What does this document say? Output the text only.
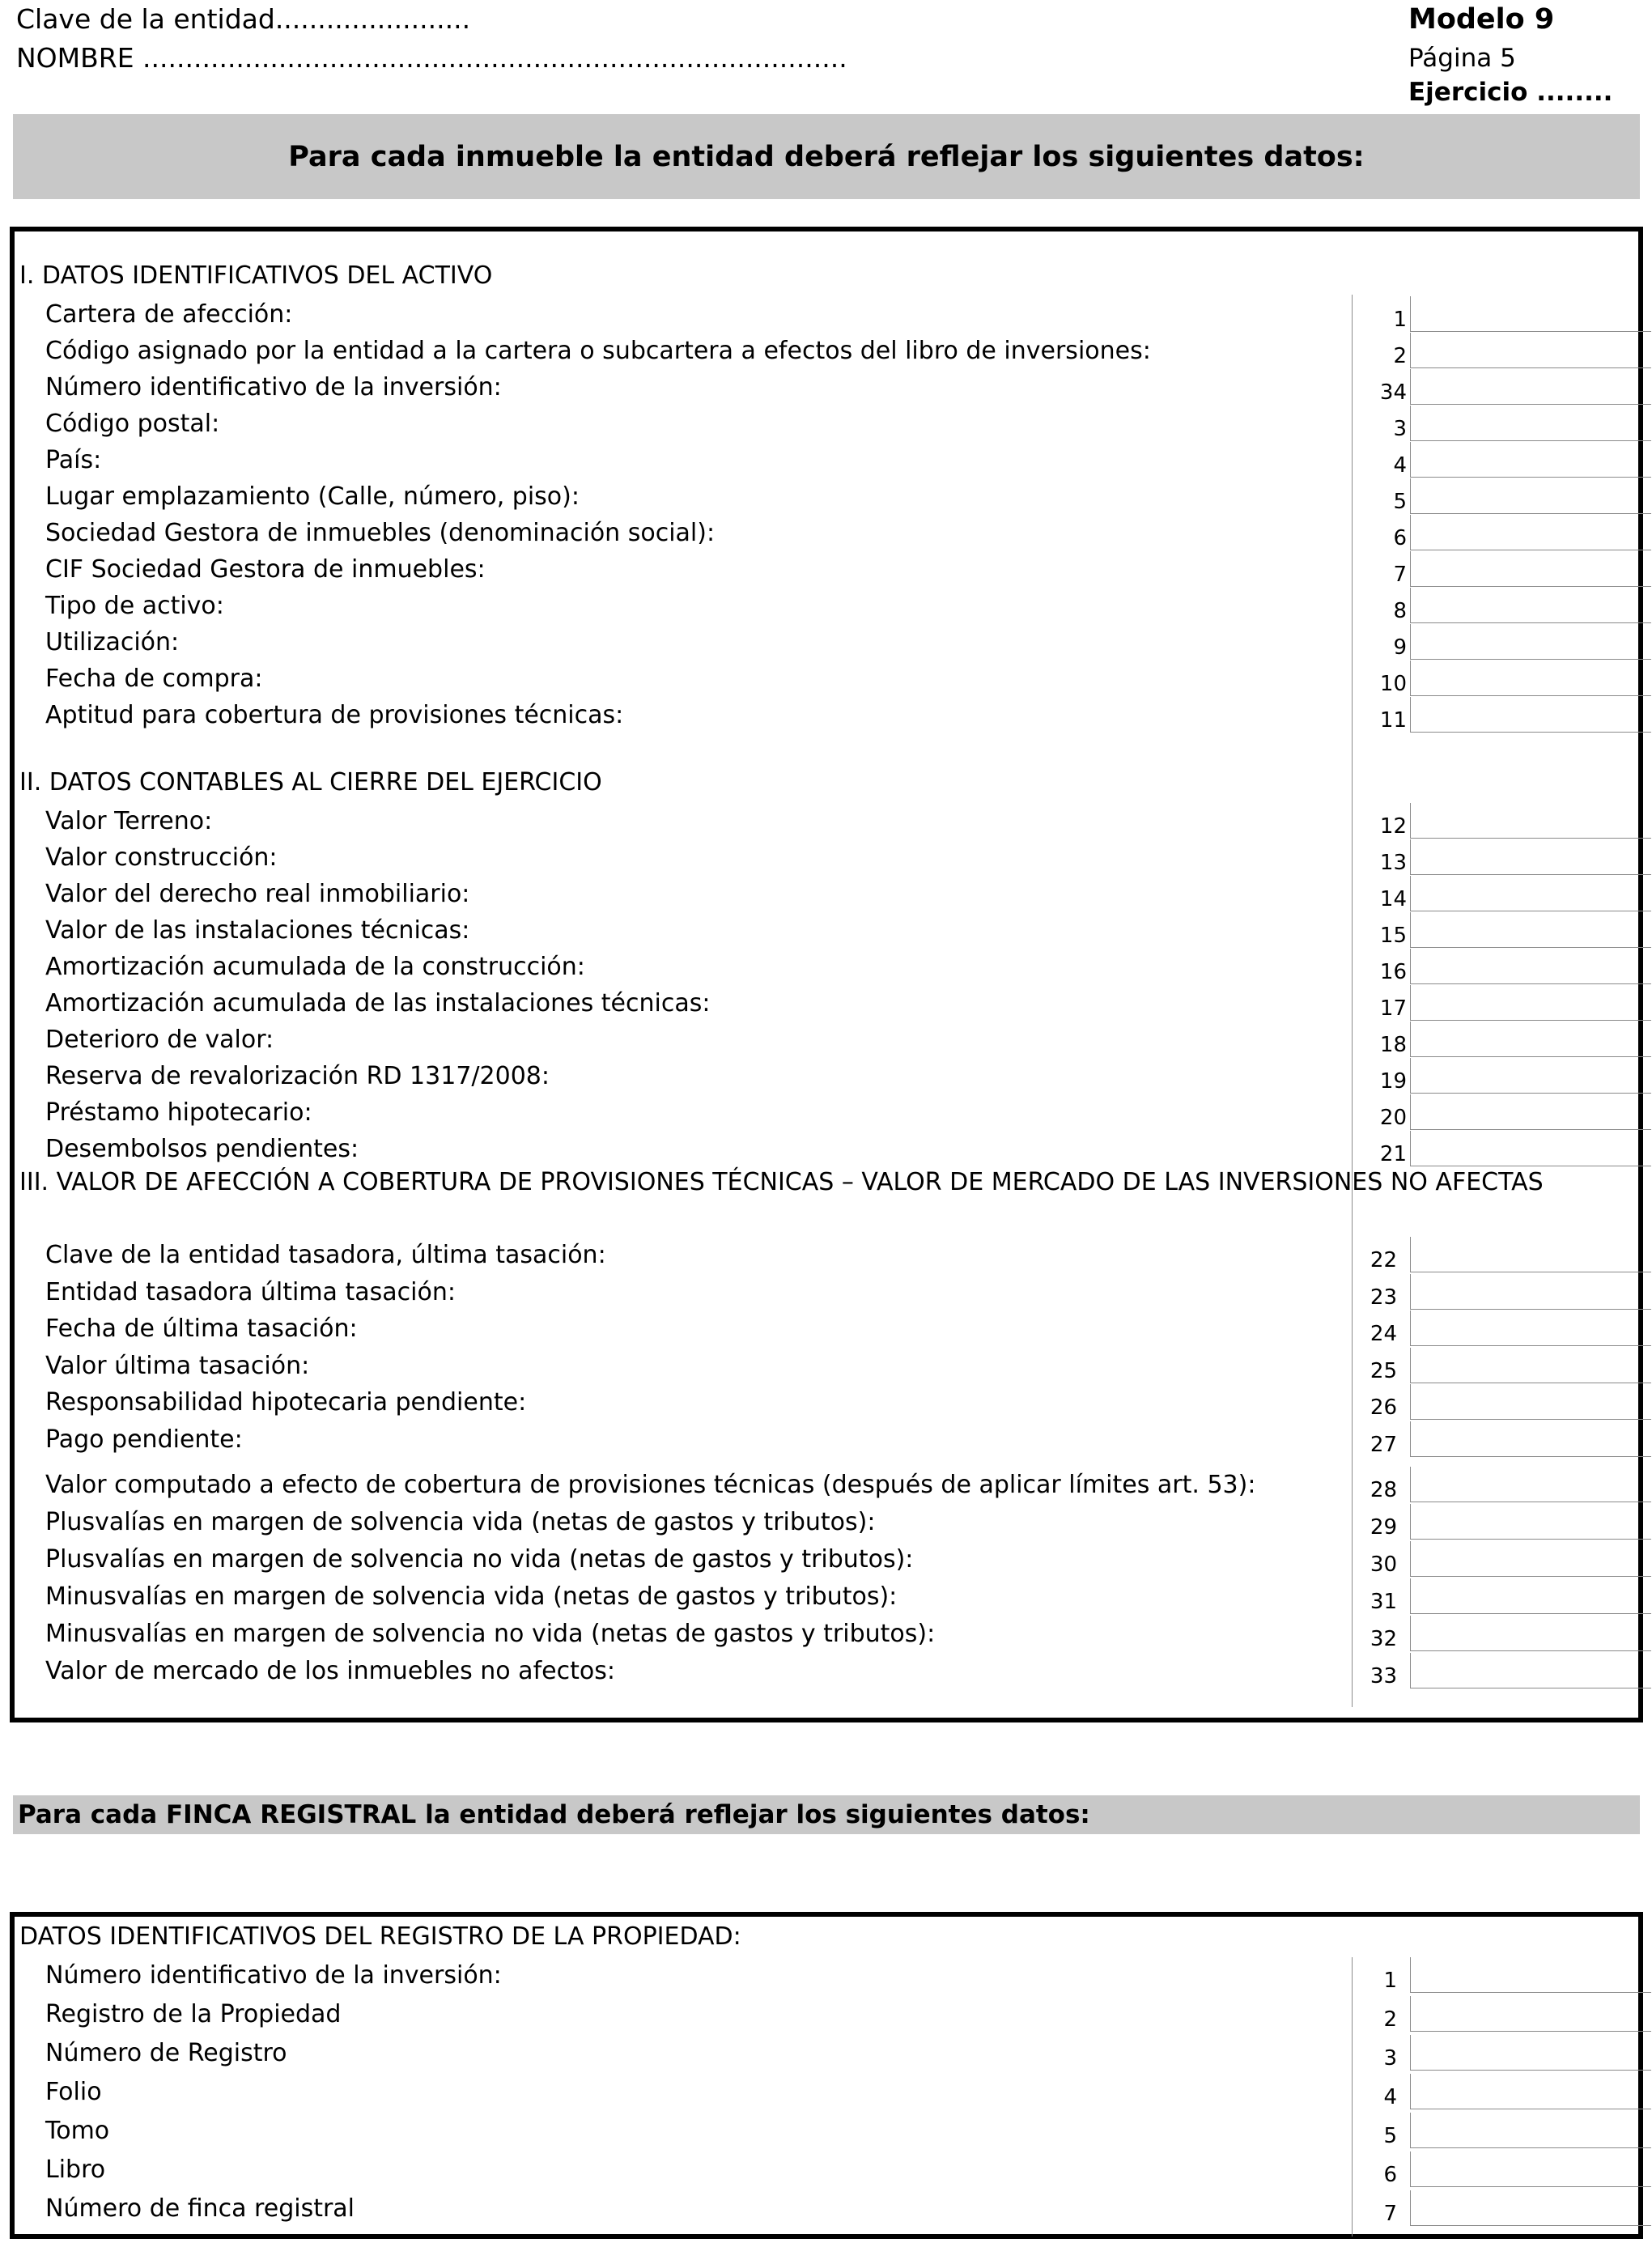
Clave de la entidad.......................
NOMBRE ...................................................................................
Modelo 9
Página 5
Ejercicio ........
Para cada inmueble la entidad deberá reflejar los siguientes datos:
I. DATOS IDENTIFICATIVOS DEL ACTIVO
Cartera de afección:	1
Código asignado por la entidad a la cartera o subcartera a efectos del libro de inversiones:	2
Número identificativo de la inversión:	34
Código postal:	3
País:	4
Lugar emplazamiento (Calle, número, piso):	5
Sociedad Gestora de inmuebles (denominación social):	6
CIF Sociedad Gestora de inmuebles:	7
Tipo de activo:	8
Utilización:	9
Fecha de compra:	10
Aptitud para cobertura de provisiones técnicas:	11
II. DATOS CONTABLES AL CIERRE DEL EJERCICIO
Valor Terreno:	12
Valor construcción:	13
Valor del derecho real inmobiliario:	14
Valor de las instalaciones técnicas:	15
Amortización acumulada de la construcción:	16
Amortización acumulada de las instalaciones técnicas:	17
Deterioro de valor:	18
Reserva de revalorización RD 1317/2008:	19
Préstamo hipotecario:	20
Desembolsos pendientes:	21
III. VALOR DE AFECCIÓN A COBERTURA DE PROVISIONES TÉCNICAS – VALOR DE MERCADO DE LAS INVERSIONES NO AFECTAS
Clave de la entidad tasadora, última tasación:	22
Entidad tasadora última tasación:	23
Fecha de última tasación:	24
Valor última tasación:	25
Responsabilidad hipotecaria pendiente:	26
Pago pendiente:	27
Valor computado a efecto de cobertura de provisiones técnicas (después de aplicar límites art. 53):	28
Plusvalías en margen de solvencia vida (netas de gastos y tributos):	29
Plusvalías en margen de solvencia no vida (netas de gastos y tributos):	30
Minusvalías en margen de solvencia vida (netas de gastos y tributos):	31
Minusvalías en margen de solvencia no vida (netas de gastos y tributos):	32
Valor de mercado de los inmuebles no afectos:	33
Para cada FINCA REGISTRAL la entidad deberá reflejar los siguientes datos:
DATOS IDENTIFICATIVOS DEL REGISTRO DE LA PROPIEDAD:
Número identificativo de la inversión:	1
Registro de la Propiedad	2
Número de Registro	3
Folio	4
Tomo	5
Libro	6
Número de finca registral	7
